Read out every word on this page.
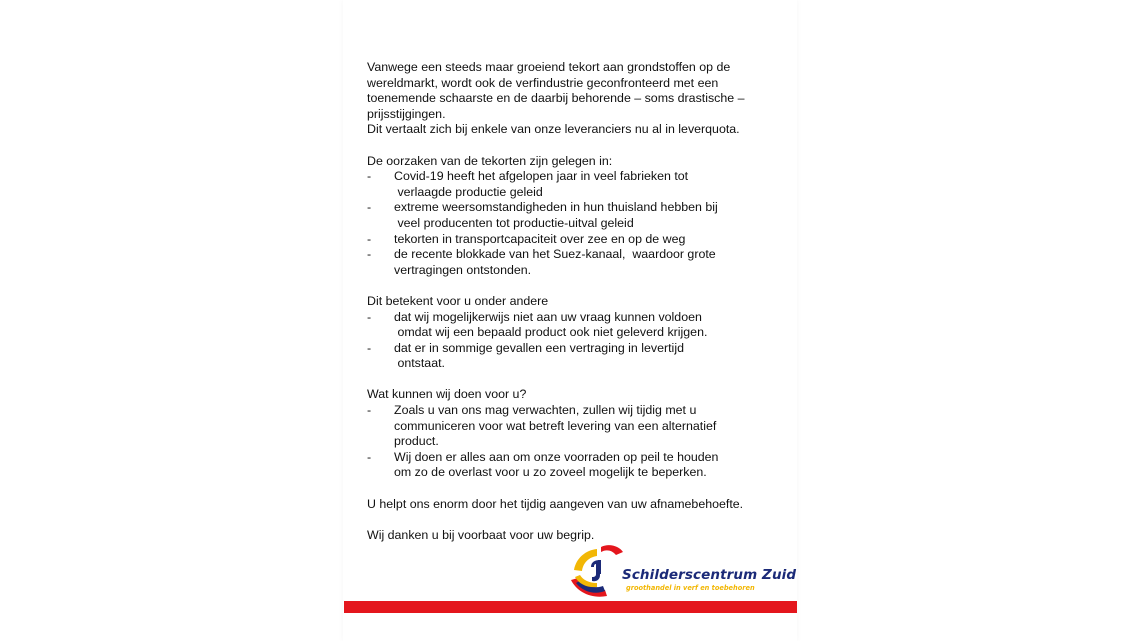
Vanwege een steeds maar groeiend tekort aan grondstoffen op de

wereldmarkt, wordt ook de verfindustrie geconfronteerd met een

toenemende schaarste en de daarbij behorende – soms drastische –

prijsstijgingen.

Dit vertaalt zich bij enkele van onze leveranciers nu al in leverquota.

De oorzaken van de tekorten zijn gelegen in:

-	Covid-19 heeft het afgelopen jaar in veel fabrieken tot
verlaagde productie geleid
-	extreme weersomstandigheden in hun thuisland hebben bij
veel producenten tot productie-uitval geleid
-	tekorten in transportcapaciteit over zee en op de weg
-	de recente blokkade van het Suez-kanaal,  waardoor grote
vertragingen ontstonden.

Dit betekent voor u onder andere

-	dat wij mogelijkerwijs niet aan uw vraag kunnen voldoen
omdat wij een bepaald product ook niet geleverd krijgen.
-	dat er in sommige gevallen een vertraging in levertijd
ontstaat.

Wat kunnen wij doen voor u?

-	Zoals u van ons mag verwachten, zullen wij tijdig met u
communiceren voor wat betreft levering van een alternatief
product.
-	Wij doen er alles aan om onze voorraden op peil te houden
om zo de overlast voor u zo zoveel mogelijk te beperken.

U helpt ons enorm door het tijdig aangeven van uw afnamebehoefte.

Wij danken u bij voorbaat voor uw begrip.

Schilderscentrum Zuid
groothandel in verf en toebehoren
